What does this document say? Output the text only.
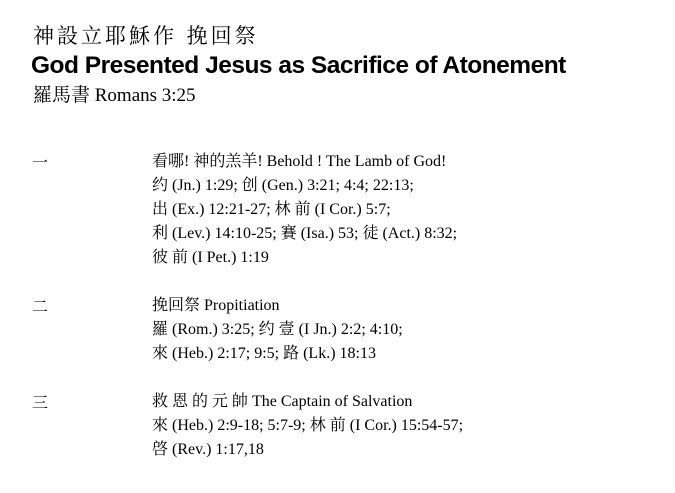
神設立耶穌作 挽回祭
God Presented Jesus as Sacrifice of Atonement
羅馬書 Romans 3:25
一	看哪! 神的羔羊! Behold ! The Lamb of God!
约 (Jn.) 1:29; 创 (Gen.) 3:21; 4:4; 22:13;
出 (Ex.) 12:21-27; 林 前 (I Cor.) 5:7;
利 (Lev.) 14:10-25; 賽 (Isa.) 53; 徒 (Act.) 8:32;
彼 前 (I Pet.) 1:19
二	挽回祭 Propitiation
羅 (Rom.) 3:25; 约 壹 (I Jn.) 2:2; 4:10;
來 (Heb.) 2:17; 9:5; 路 (Lk.) 18:13
三	救 恩 的 元 帥 The Captain of Salvation
來 (Heb.) 2:9-18; 5:7-9; 林 前 (I Cor.) 15:54-57;
啓 (Rev.) 1:17,18
